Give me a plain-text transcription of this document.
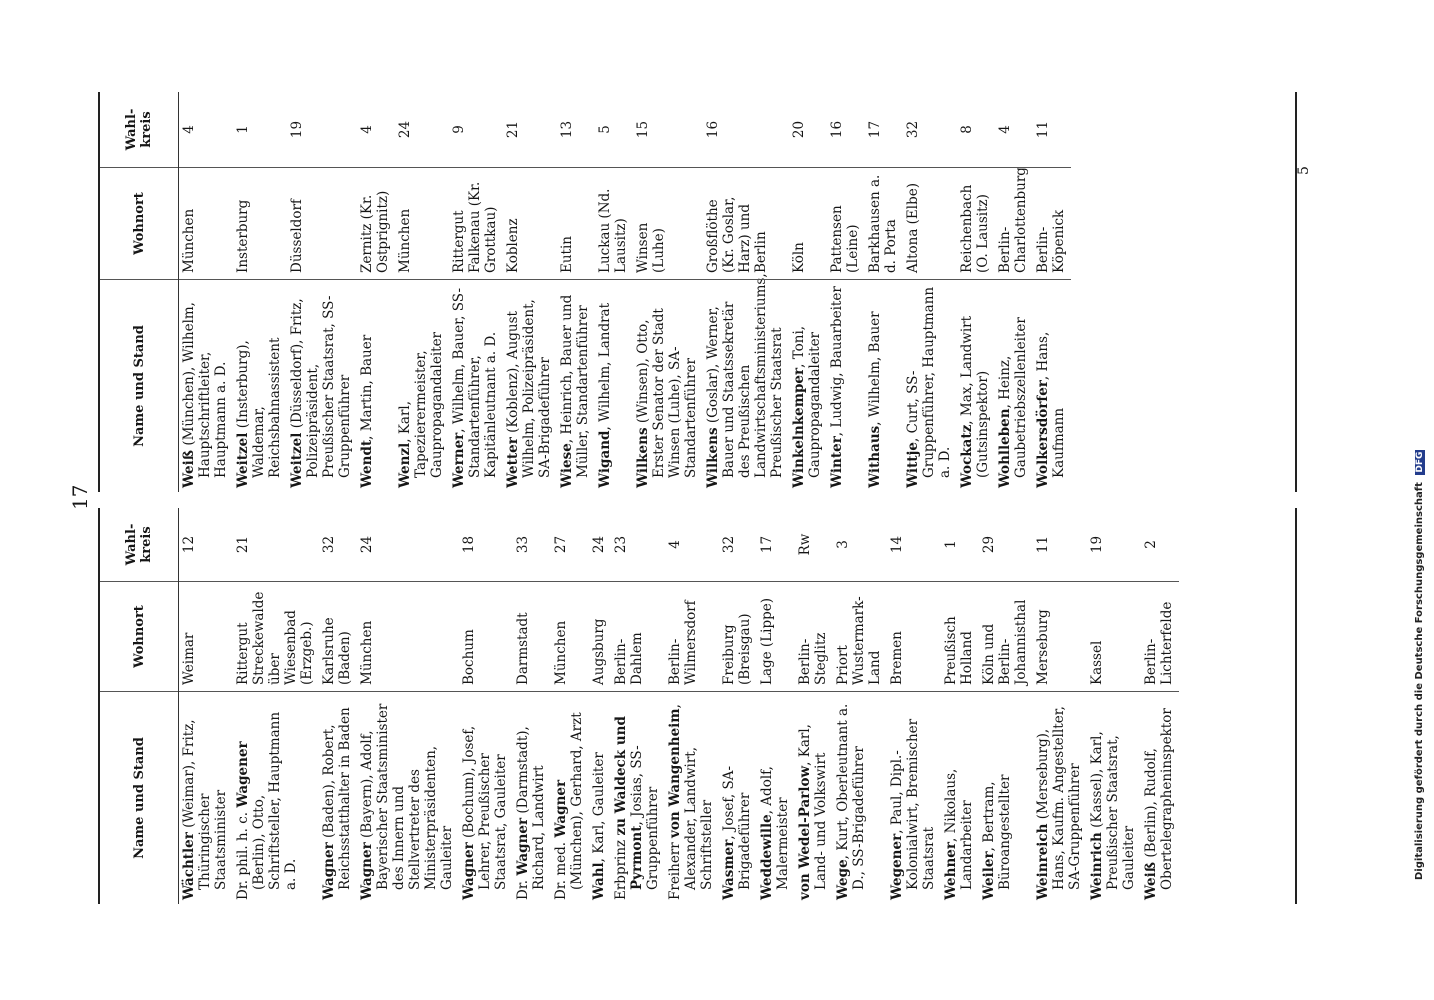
17
Name und Stand
Wohnort
Wahl-kreis
Wächtler (Weimar), Fritz, Thüringischer Staatsminister
Weimar
12
Dr. phil. h. c. Wagener (Berlin), Otto, Schriftsteller, Hauptmann a. D.
Rittergut Streckewalde über Wiesenbad (Erzgeb.)
21
Wagner (Baden), Robert, Reichsstatthalter in Baden
Karlsruhe (Baden)
32
Wagner (Bayern), Adolf, Bayerischer Staatsminister des Innern und Stellvertreter des Ministerpräsidenten, Gauleiter
München
24
Wagner (Bochum), Josef, Lehrer, Preußischer Staatsrat, Gauleiter
Bochum
18
Dr. Wagner (Darmstadt), Richard, Landwirt
Darmstadt
33
Dr. med. Wagner (München), Gerhard, Arzt
München
27
Wahl, Karl, Gauleiter
Augsburg
24
Erbprinz zu Waldeck und Pyrmont, Josias, SS-Gruppenführer
Berlin-Dahlem
23
Freiherr von Wangenheim, Alexander, Landwirt, Schriftsteller
Berlin-Wilmersdorf
4
Wasmer, Josef, SA-Brigadeführer
Freiburg (Breisgau)
32
Weddewille, Adolf, Malermeister
Lage (Lippe)
17
von Wedel-Parlow, Karl, Land- und Volkswirt
Berlin-Steglitz
Rw
Wege, Kurt, Oberleutnant a. D., SS-Brigadeführer
Priort Wustermark-Land
3
Wegener, Paul, Dipl.-Kolonialwirt, Bremischer Staatsrat
Bremen
14
Wehner, Nikolaus, Landarbeiter
Preußisch Holland
1
Weiler, Bertram, Büroangestellter
Köln und Berlin-Johannisthal
29
Weinreich (Merseburg), Hans, Kaufm. Angestellter, SA-Gruppenführer
Merseburg
11
Weinrich (Kassel), Karl, Preußischer Staatsrat, Gauleiter
Kassel
19
Weiß (Berlin), Rudolf, Obertelegrapheninspektor
Berlin-Lichterfelde
2
Name und Stand
Wohnort
Wahl-kreis
Weiß (München), Wilhelm, Hauptschriftleiter, Hauptmann a. D.
München
4
Weitzel (Insterburg), Waldemar, Reichsbahnassistent
Insterburg
1
Weitzel (Düsseldorf), Fritz, Polizeipräsident, Preußischer Staatsrat, SS-Gruppenführer
Düsseldorf
19
Wendt, Martin, Bauer
Zernitz (Kr. Ostprignitz)
4
Wenzl, Karl, Tapezierermeister, Gaupropagandaleiter
München
24
Werner, Wilhelm, Bauer, SS-Standartenführer, Kapitänleutnant a. D.
Rittergut Falkenau (Kr. Grottkau)
9
Wetter (Koblenz), August Wilhelm, Polizeipräsident, SA-Brigadeführer
Koblenz
21
Wiese, Heinrich, Bauer und Müller, Standartenführer
Eutin
13
Wigand, Wilhelm, Landrat
Luckau (Nd. Lausitz)
5
Wilkens (Winsen), Otto, Erster Senator der Stadt Winsen (Luhe), SA-Standartenführer
Winsen (Luhe)
15
Wilkens (Goslar), Werner, Bauer und Staatssekretär des Preußischen Landwirtschaftsministeriums, Preußischer Staatsrat
Großflöthe (Kr. Goslar, Harz) und Berlin
16
Winkelnkemper, Toni, Gaupropagandaleiter
Köln
20
Winter, Ludwig, Bauarbeiter
Pattensen (Leine)
16
Withaus, Wilhelm, Bauer
Barkhausen a. d. Porta
17
Wittje, Curt, SS-Gruppenführer, Hauptmann a. D.
Altona (Elbe)
32
Wockatz, Max, Landwirt (Gutsinspektor)
Reichenbach (O. Lausitz)
8
Wohlleben, Heinz, Gaubetriebszellenleiter
Berlin-Charlottenburg
4
Wolkersdörfer, Hans, Kaufmann
Berlin-Köpenick
11
5
Digitalisierung gefördert durch die Deutsche Forschungsgemeinschaft DFG
